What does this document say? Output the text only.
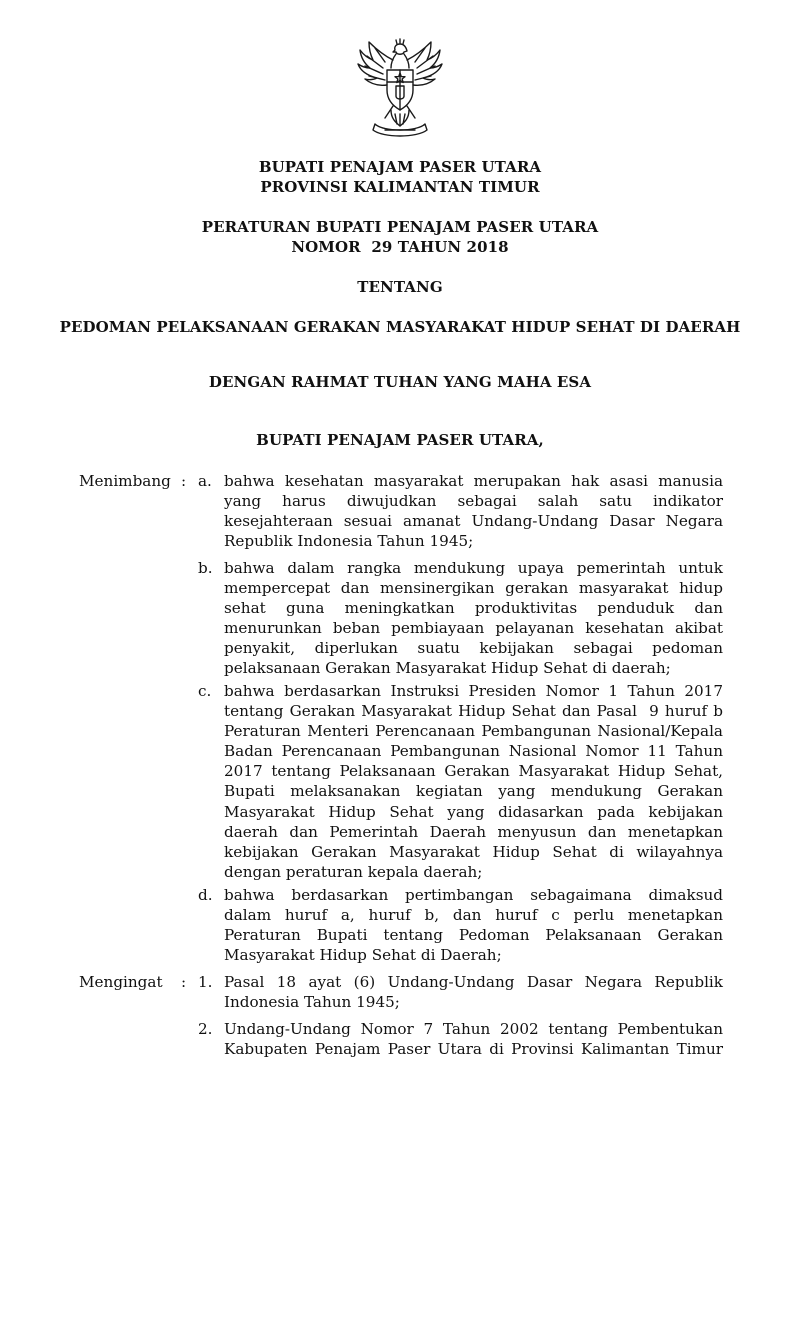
BUPATI PENAJAM PASER UTARA
PROVINSI KALIMANTAN TIMUR
PERATURAN BUPATI PENAJAM PASER UTARA
NOMOR  29 TAHUN 2018
TENTANG
PEDOMAN PELAKSANAAN GERAKAN MASYARAKAT HIDUP SEHAT DI DAERAH
DENGAN RAHMAT TUHAN YANG MAHA ESA
BUPATI PENAJAM PASER UTARA,
Menimbang : a. bahwa kesehatan masyarakat merupakan hak asasi manusia
yang harus diwujudkan sebagai salah satu indikator
kesejahteraan sesuai amanat Undang-Undang Dasar Negara
Republik Indonesia Tahun 1945;
b. bahwa dalam rangka mendukung upaya pemerintah untuk
mempercepat dan mensinergikan gerakan masyarakat hidup
sehat guna meningkatkan produktivitas penduduk dan
menurunkan beban pembiayaan pelayanan kesehatan akibat
penyakit, diperlukan suatu kebijakan sebagai pedoman
pelaksanaan Gerakan Masyarakat Hidup Sehat di daerah;
c. bahwa berdasarkan Instruksi Presiden Nomor 1 Tahun 2017
tentang Gerakan Masyarakat Hidup Sehat dan Pasal  9 huruf b
Peraturan Menteri Perencanaan Pembangunan Nasional/Kepala
Badan Perencanaan Pembangunan Nasional Nomor 11 Tahun
2017 tentang Pelaksanaan Gerakan Masyarakat Hidup Sehat,
Bupati melaksanakan kegiatan yang mendukung Gerakan
Masyarakat Hidup Sehat yang didasarkan pada kebijakan
daerah dan Pemerintah Daerah menyusun dan menetapkan
kebijakan Gerakan Masyarakat Hidup Sehat di wilayahnya
dengan peraturan kepala daerah;
d. bahwa berdasarkan pertimbangan sebagaimana dimaksud
dalam huruf a, huruf b, dan huruf c perlu menetapkan
Peraturan Bupati tentang Pedoman Pelaksanaan Gerakan
Masyarakat Hidup Sehat di Daerah;
Mengingat : 1. Pasal 18 ayat (6) Undang-Undang Dasar Negara Republik
Indonesia Tahun 1945;
2. Undang-Undang Nomor 7 Tahun 2002 tentang Pembentukan
Kabupaten Penajam Paser Utara di Provinsi Kalimantan Timur
